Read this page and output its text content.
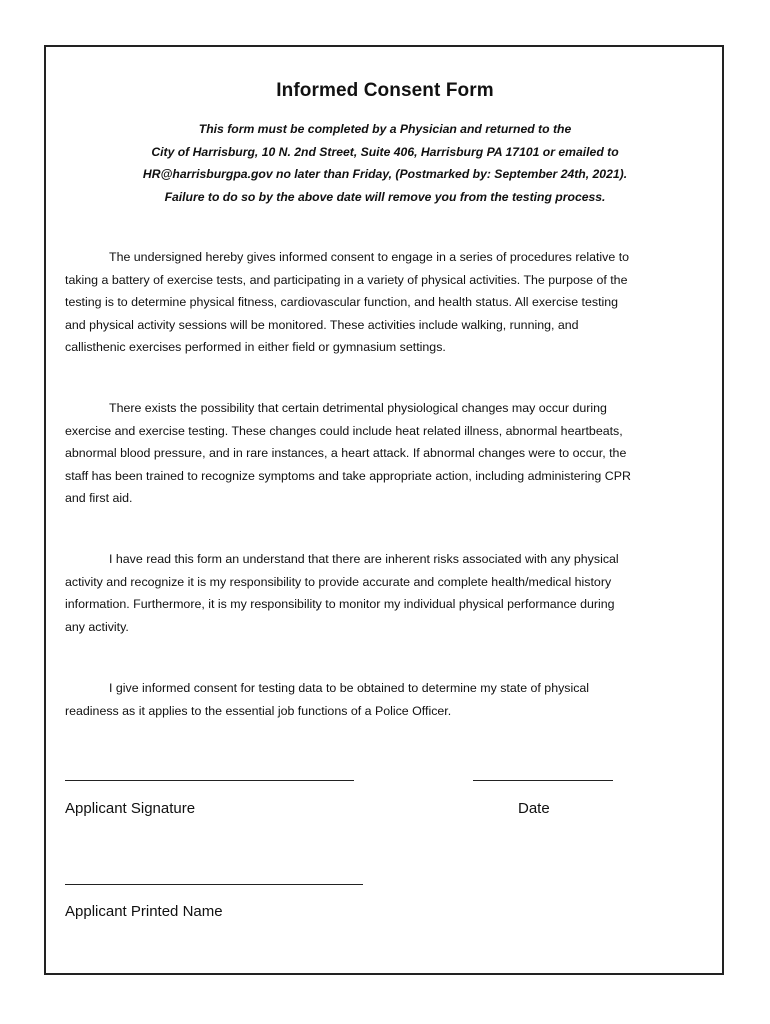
Informed Consent Form
This form must be completed by a Physician and returned to the
City of Harrisburg, 10 N. 2nd Street, Suite 406, Harrisburg PA 17101 or emailed to
HR@harrisburgpa.gov no later than Friday, (Postmarked by: September 24th, 2021).
Failure to do so by the above date will remove you from the testing process.
The undersigned hereby gives informed consent to engage in a series of procedures relative to
taking a battery of exercise tests, and participating in a variety of physical activities. The purpose of the
testing is to determine physical fitness, cardiovascular function, and health status. All exercise testing
and physical activity sessions will be monitored. These activities include walking, running, and
callisthenic exercises performed in either field or gymnasium settings.
There exists the possibility that certain detrimental physiological changes may occur during
exercise and exercise testing. These changes could include heat related illness, abnormal heartbeats,
abnormal blood pressure, and in rare instances, a heart attack. If abnormal changes were to occur, the
staff has been trained to recognize symptoms and take appropriate action, including administering CPR
and first aid.
I have read this form an understand that there are inherent risks associated with any physical
activity and recognize it is my responsibility to provide accurate and complete health/medical history
information. Furthermore, it is my responsibility to monitor my individual physical performance during
any activity.
I give informed consent for testing data to be obtained to determine my state of physical
readiness as it applies to the essential job functions of a Police Officer.
Applicant Signature	Date
Applicant Printed Name
